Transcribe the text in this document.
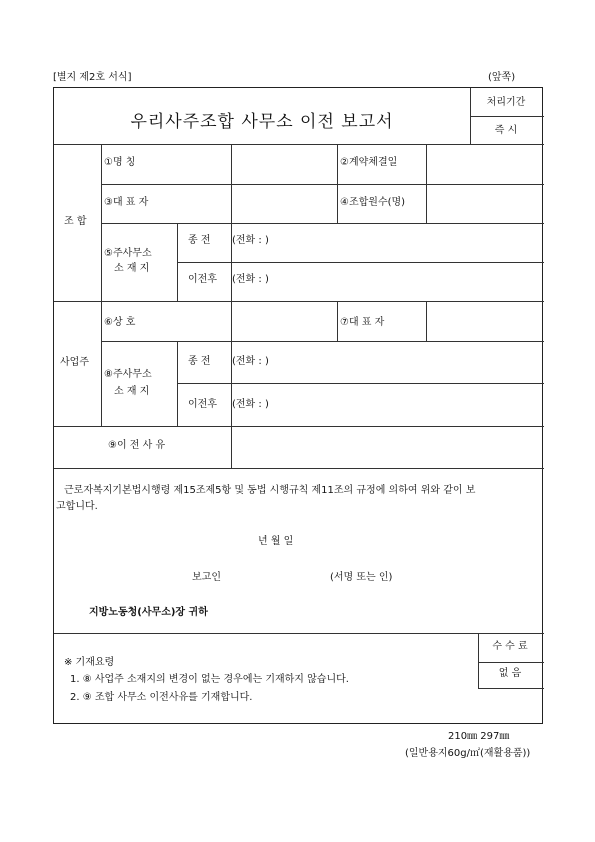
[별지 제2호 서식]	(앞쪽)
우리사주조합 사무소 이전 보고서
처리기간
즉 시
조 합
①명 칭	②계약체결일
③대 표 자	④조합원수(명)
⑤주사무소
소 재 지
종 전 (전화 : )
이전후 (전화 : )
사업주
⑥상 호	⑦대 표 자
⑧주사무소
소 재 지
종 전 (전화 : )
이전후 (전화 : )
⑨이 전 사 유
근로자복지기본법시행령 제15조제5항 및 동법 시행규칙 제11조의 규정에 의하여 위와 같이 보
고합니다.
년 월 일
보고인	(서명 또는 인)
지방노동청(사무소)장 귀하
수 수 료
없 음
※ 기재요령
1. ⑧ 사업주 소재지의 변경이 없는 경우에는 기재하지 않습니다.
2. ⑨ 조합 사무소 이전사유를 기재합니다.
210㎜ 297㎜
(일반용지60g/㎡(재활용품))
